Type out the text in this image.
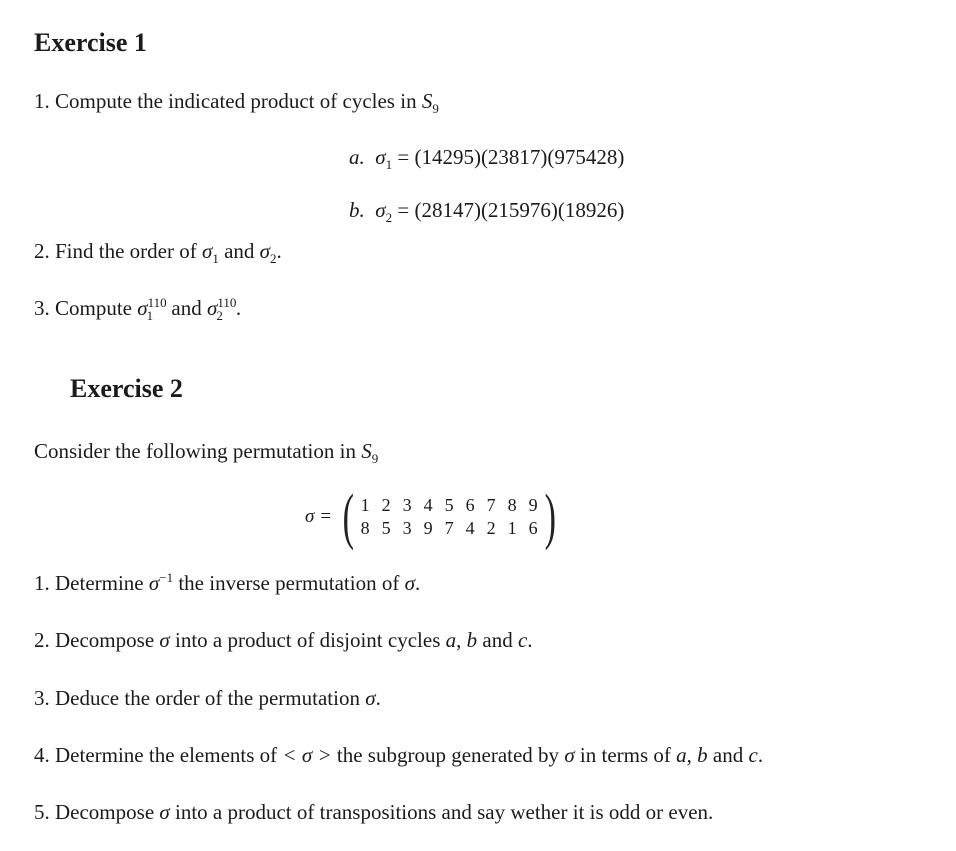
Exercise 1
1. Compute the indicated product of cycles in $S_9$
a. $\sigma_1 = (14295)(23817)(975428)$
b. $\sigma_2 = (28147)(215976)(18926)$
2. Find the order of $\sigma_1$ and $\sigma_2$.
3. Compute $\sigma^{110}_1$ and $\sigma^{110}_2$ .
Exercise 2
Consider the following permutation in $S_9$
σ = ( 1 2 3 4 5 6 7 8 9
8 5 3 9 7 4 2 1 6 )
1. Determine $\sigma^{-1}$ the inverse permutation of σ.
2. Decompose σ into a product of disjoint cycles a, b and c.
3. Deduce the order of the permutation σ.
4. Determine the elements of < σ > the subgroup generated by σ in terms of a, b and c.
5. Decompose σ into a product of transpositions and say wether it is odd or even.
